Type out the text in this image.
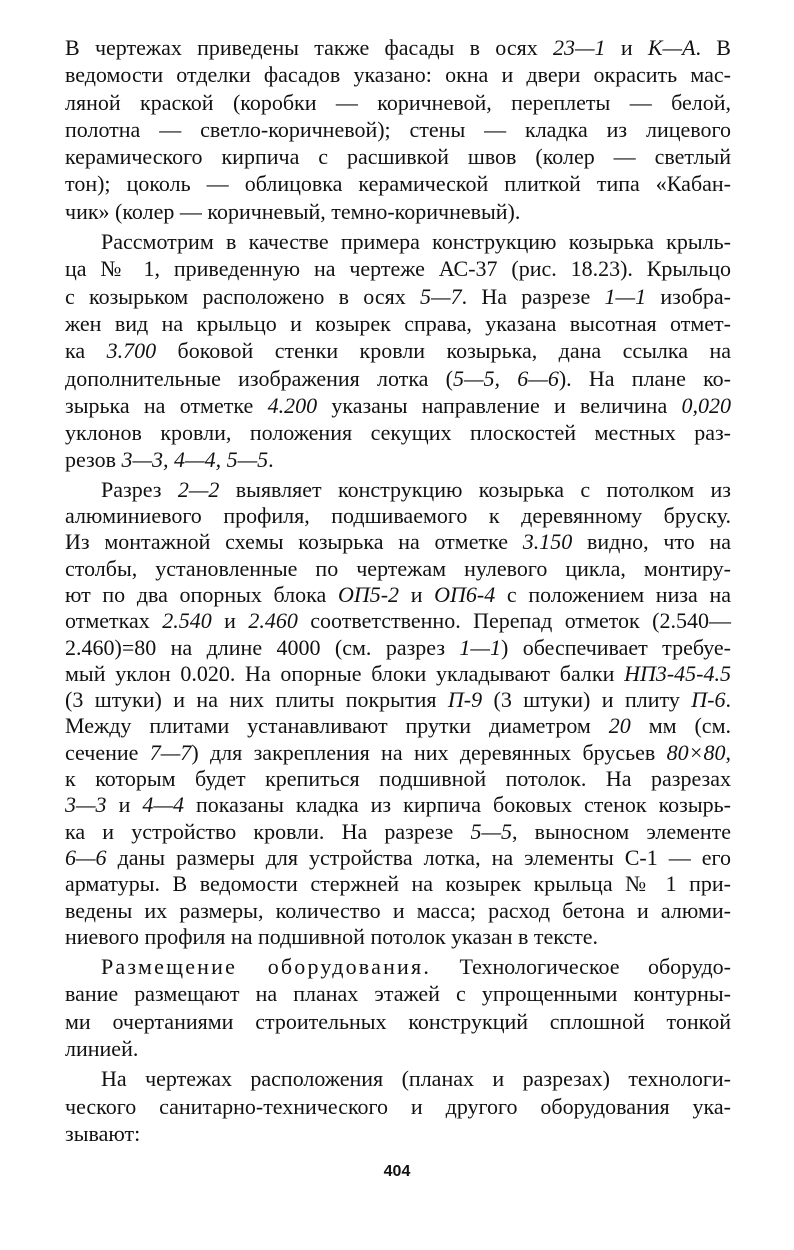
В чертежах приведены также фасады в осях 23—1 и К—А. В
ведомости отделки фасадов указано: окна и двери окрасить мас-
ляной краской (коробки — коричневой, переплеты — белой,
полотна — светло-коричневой); стены — кладка из лицевого
керамического кирпича с расшивкой швов (колер — светлый
тон); цоколь — облицовка керамической плиткой типа «Кабан-
чик» (колер — коричневый, темно-коричневый).
Рассмотрим в качестве примера конструкцию козырька крыль-
ца № 1, приведенную на чертеже АС-37 (рис. 18.23). Крыльцо
с козырьком расположено в осях 5—7. На разрезе 1—1 изобра-
жен вид на крыльцо и козырек справа, указана высотная отмет-
ка 3.700 боковой стенки кровли козырька, дана ссылка на
дополнительные изображения лотка (5—5, 6—6). На плане ко-
зырька на отметке 4.200 указаны направление и величина 0,020
уклонов кровли, положения секущих плоскостей местных раз-
резов 3—3, 4—4, 5—5.
Разрез 2—2 выявляет конструкцию козырька с потолком из
алюминиевого профиля, подшиваемого к деревянному бруску.
Из монтажной схемы козырька на отметке 3.150 видно, что на
столбы, установленные по чертежам нулевого цикла, монтиру-
ют по два опорных блока ОП5-2 и ОП6-4 с положением низа на
отметках 2.540 и 2.460 соответственно. Перепад отметок (2.540—
2.460)=80 на длине 4000 (см. разрез 1—1) обеспечивает требуе-
мый уклон 0.020. На опорные блоки укладывают балки НП3-45-4.5
(3 штуки) и на них плиты покрытия П-9 (3 штуки) и плиту П-6.
Между плитами устанавливают прутки диаметром 20 мм (см.
сечение 7—7) для закрепления на них деревянных брусьев 80×80,
к которым будет крепиться подшивной потолок. На разрезах
3—3 и 4—4 показаны кладка из кирпича боковых стенок козырь-
ка и устройство кровли. На разрезе 5—5, выносном элементе
6—6 даны размеры для устройства лотка, на элементы С-1 — его
арматуры. В ведомости стержней на козырек крыльца № 1 при-
ведены их размеры, количество и масса; расход бетона и алюми-
ниевого профиля на подшивной потолок указан в тексте.
Размещение оборудования. Технологическое оборудо-
вание размещают на планах этажей с упрощенными контурны-
ми очертаниями строительных конструкций сплошной тонкой
линией.
На чертежах расположения (планах и разрезах) технологи-
ческого санитарно-технического и другого оборудования ука-
зывают:
404
